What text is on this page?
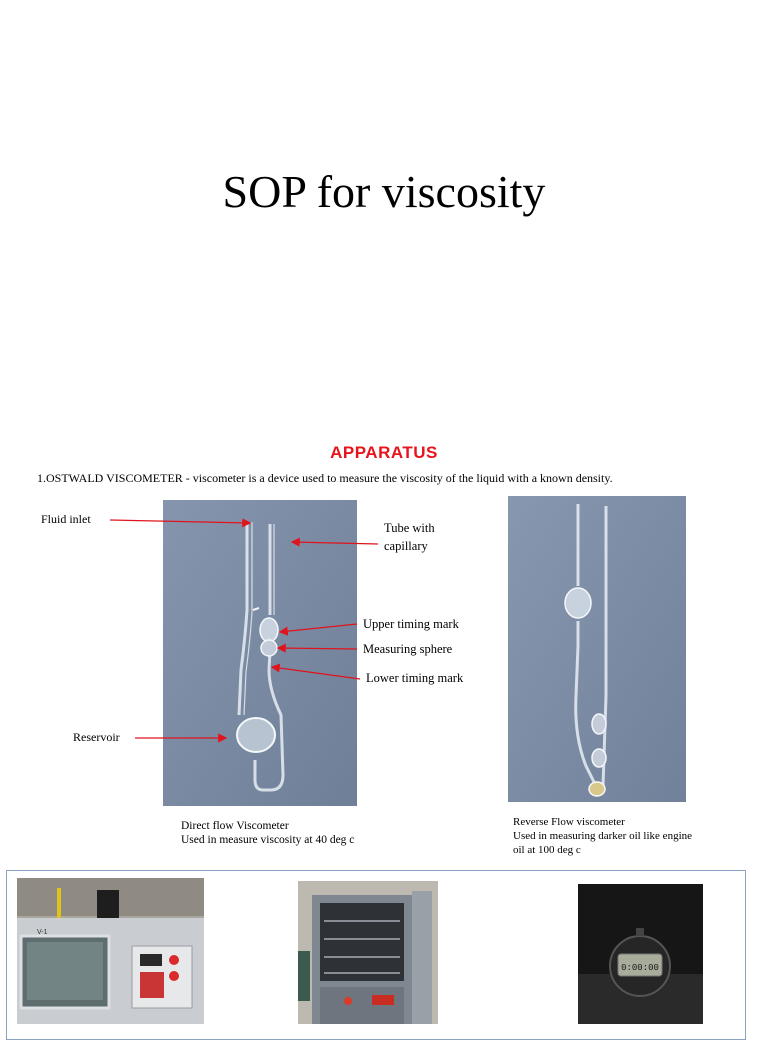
SOP for viscosity
APPARATUS
1.OSTWALD VISCOMETER - viscometer is a device used to measure the viscosity of the liquid with a known density.
Fluid inlet
Tube with
capillary
Upper timing mark
Measuring sphere
Lower timing mark
Reservoir
Direct flow Viscometer
Used in measure viscosity at 40 deg c
Reverse Flow viscometer
Used in measuring darker oil like engine
oil at 100 deg c
V-1
0:00:00
